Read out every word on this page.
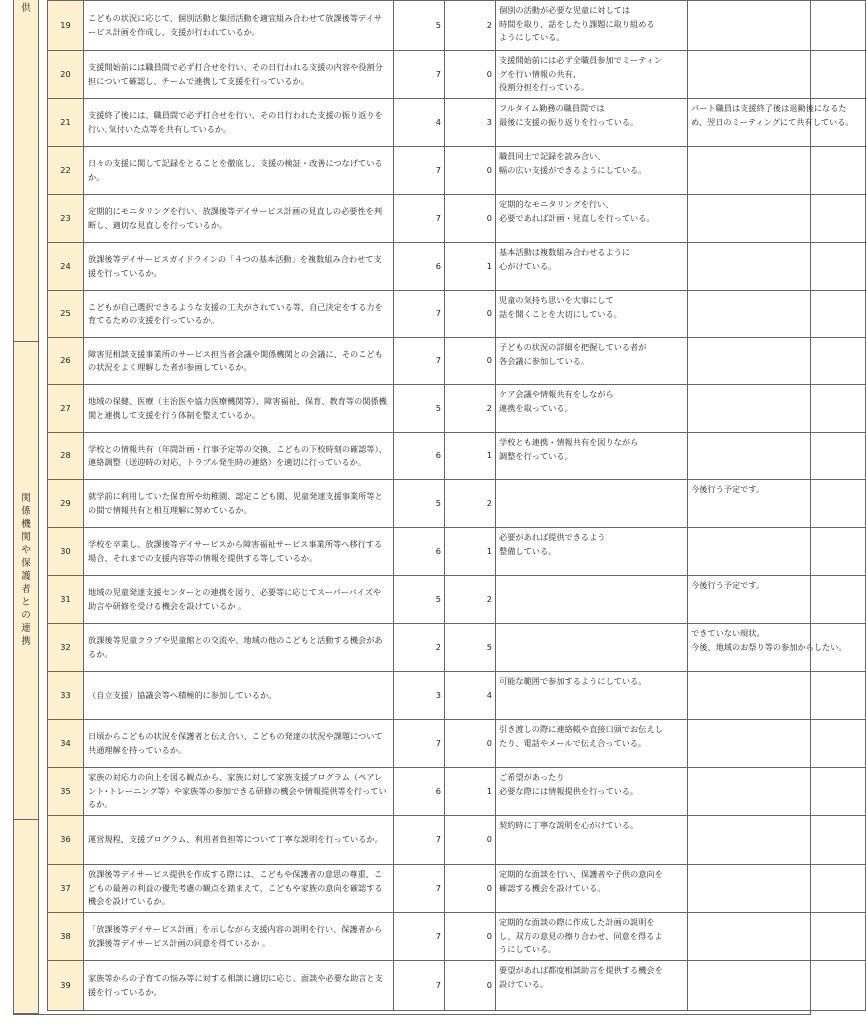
供
関
係
機
関
や
保
護
者
と
の
連
携
19	こどもの状況に応じて、個別活動と集団活動を適宜組み合わせて放課後等デイサービス計画を作成し、支援が行われているか。	5	2	個別の活動が必要な児童に対しては
時間を取り、話をしたり課題に取り組める
ようにしている。	
20	支援開始前には職員間で必ず打合せを行い、その日行われる支援の内容や役割分担について確認し、チームで連携して支援を行っているか。	7	0	支援開始前には必ず全職員参加でミーティン
グを行い情報の共有、
役割分担を行っている。	
21	支援終了後には、職員間で必ず打合せを行い、その日行われた支援の振り返りを行い､気付いた点等を共有しているか。	4	3	フルタイム勤務の職員間では
最後に支援の振り返りを行っている。	パート職員は支援終了後は退勤後になるた
め、翌日のミーティングにて共有している。
22	日々の支援に関して記録をとることを徹底し、支援の検証・改善につなげているか。	7	0	職員同士で記録を読み合い、
幅の広い支援ができるようにしている。	
23	定期的にモニタリングを行い、放課後等デイサービス計画の見直しの必要性を判断し、適切な見直しを行っているか。	7	0	定期的なモニタリングを行い、
必要であれば計画・見直しを行っている。	
24	放課後等デイサービスガイドラインの「４つの基本活動」を複数組み合わせて支援を行っているか。	6	1	基本活動は複数組み合わせるように
心がけている。	
25	こどもが自己選択できるような支援の工夫がされている等、自己決定をする力を育てるための支援を行っているか。	7	0	児童の気持ち思いを大事にして
話を聞くことを大切にしている。	
26	障害児相談支援事業所のサービス担当者会議や関係機関との会議に、そのこどもの状況をよく理解した者が参画しているか。	7	0	子どもの状況の詳細を把握している者が
各会議に参加している。	
27	地域の保健、医療（主治医や協力医療機関等）、障害福祉、保育、教育等の関係機関と連携して支援を行う体制を整えているか。	5	2	ケア会議や情報共有をしながら
連携を取っている。	
28	学校との情報共有（年間計画・行事予定等の交換、こどもの下校時刻の確認等）、連絡調整（送迎時の対応、トラブル発生時の連絡）を適切に行っているか。	6	1	学校とも連携・情報共有を図りながら
調整を行っている。	
29	就学前に利用していた保育所や幼稚園、認定こども園、児童発達支援事業所等との間で情報共有と相互理解に努めているか。	5	2		今後行う予定です。
30	学校を卒業し、放課後等デイサービスから障害福祉サービス事業所等へ移行する場合、それまでの支援内容等の情報を提供する等しているか。	6	1	必要があれば提供できるよう
整備している。	
31	地域の児童発達支援センターとの連携を図り、必要等に応じてスーパーバイズや助言や研修を受ける機会を設けているか 。	5	2		今後行う予定です。
32	放課後等児童クラブや児童館との交流や、地域の他のこどもと活動する機会があるか。	2	5		できていない現状。
今後、地域のお祭り等の参加からしたい。
33	（自立支援）協議会等へ積極的に参加しているか。	3	4	可能な範囲で参加するようにしている。	
34	日頃からこどもの状況を保護者と伝え合い、こどもの発達の状況や課題について共通理解を持っているか。	7	0	引き渡しの際に連絡帳や直接口頭でお伝えし
たり、電話やメールで伝え合っている。	
35	家族の対応力の向上を図る観点から、家族に対して家族支援プログラム（ペアレント･トレーニング等）や家族等の参加できる研修の機会や情報提供等を行っているか。	6	1	ご希望があったり
必要な際には情報提供を行っている。	
36	運営規程、支援プログラム、利用者負担等について丁寧な説明を行っているか。	7	0	契約時に丁寧な説明を心がけている。	
37	放課後等デイサービス提供を作成する際には、こどもや保護者の意思の尊重、こどもの最善の利益の優先考慮の観点を踏まえて、こどもや家族の意向を確認する機会を設けているか。	7	0	定期的な面談を行い、保護者や子供の意向を
確認する機会を設けている。	
38	「放課後等デイサービス計画」を示しながら支援内容の説明を行い、保護者から放課後等デイサービス計画の同意を得ているか 。	7	0	定期的な面談の際に作成した計画の説明を
し、双方の意見の擦り合わせ、同意を得るよ
うにしている。	
39	家族等からの子育ての悩み等に対する相談に適切に応じ、面談や必要な助言と支援を行っているか。	7	0	要望があれば都度相談助言を提供する機会を
設けている。	
